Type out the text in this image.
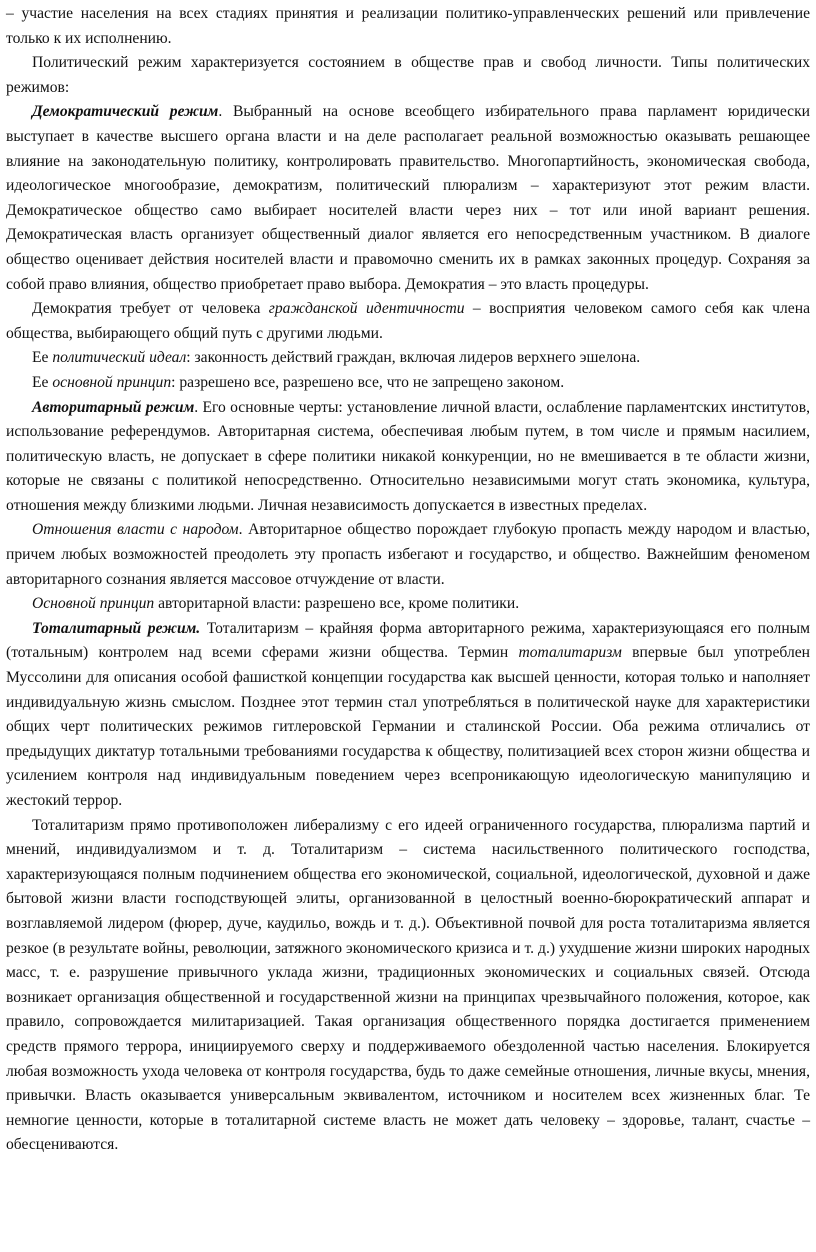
– участие населения на всех стадиях принятия и реализации политико-управленческих решений или привлечение только к их исполнению.

Политический режим характеризуется состоянием в обществе прав и свобод личности. Типы политических режимов:

Демократический режим. Выбранный на основе всеобщего избирательного права парламент юридически выступает в качестве высшего органа власти и на деле располагает реальной возможностью оказывать решающее влияние на законодательную политику, контролировать правительство. Многопартийность, экономическая свобода, идеологическое многообразие, демократизм, политический плюрализм – характеризуют этот режим власти. Демократическое общество само выбирает носителей власти через них – тот или иной вариант решения. Демократическая власть организует общественный диалог является его непосредственным участником. В диалоге общество оценивает действия носителей власти и правомочно сменить их в рамках законных процедур. Сохраняя за собой право влияния, общество приобретает право выбора. Демократия – это власть процедуры.

Демократия требует от человека гражданской идентичности – восприятия человеком самого себя как члена общества, выбирающего общий путь с другими людьми.

Ее политический идеал: законность действий граждан, включая лидеров верхнего эшелона.

Ее основной принцип: разрешено все, разрешено все, что не запрещено законом.

Авторитарный режим. Его основные черты: установление личной власти, ослабление парламентских институтов, использование референдумов. Авторитарная система, обеспечивая любым путем, в том числе и прямым насилием, политическую власть, не допускает в сфере политики никакой конкуренции, но не вмешивается в те области жизни, которые не связаны с политикой непосредственно. Относительно независимыми могут стать экономика, культура, отношения между близкими людьми. Личная независимость допускается в известных пределах.

Отношения власти с народом. Авторитарное общество порождает глубокую пропасть между народом и властью, причем любых возможностей преодолеть эту пропасть избегают и государство, и общество. Важнейшим феноменом авторитарного сознания является массовое отчуждение от власти.

Основной принцип авторитарной власти: разрешено все, кроме политики.

Тоталитарный режим. Тоталитаризм – крайняя форма авторитарного режима, характеризующаяся его полным (тотальным) контролем над всеми сферами жизни общества. Термин тоталитаризм впервые был употреблен Муссолини для описания особой фашисткой концепции государства как высшей ценности, которая только и наполняет индивидуальную жизнь смыслом. Позднее этот термин стал употребляться в политической науке для характеристики общих черт политических режимов гитлеровской Германии и сталинской России. Оба режима отличались от предыдущих диктатур тотальными требованиями государства к обществу, политизацией всех сторон жизни общества и усилением контроля над индивидуальным поведением через всепроникающую идеологическую манипуляцию и жестокий террор.

Тоталитаризм прямо противоположен либерализму с его идеей ограниченного государства, плюрализма партий и мнений, индивидуализмом и т. д. Тоталитаризм – система насильственного политического господства, характеризующаяся полным подчинением общества его экономической, социальной, идеологической, духовной и даже бытовой жизни власти господствующей элиты, организованной в целостный военно-бюрократический аппарат и возглавляемой лидером (фюрер, дуче, каудильо, вождь и т. д.). Объективной почвой для роста тоталитаризма является резкое (в результате войны, революции, затяжного экономического кризиса и т. д.) ухудшение жизни широких народных масс, т. е. разрушение привычного уклада жизни, традиционных экономических и социальных связей. Отсюда возникает организация общественной и государственной жизни на принципах чрезвычайного положения, которое, как правило, сопровождается милитаризацией. Такая организация общественного порядка достигается применением средств прямого террора, инициируемого сверху и поддерживаемого обездоленной частью населения. Блокируется любая возможность ухода человека от контроля государства, будь то даже семейные отношения, личные вкусы, мнения, привычки. Власть оказывается универсальным эквивалентом, источником и носителем всех жизненных благ. Те немногие ценности, которые в тоталитарной системе власть не может дать человеку – здоровье, талант, счастье – обесцениваются.
